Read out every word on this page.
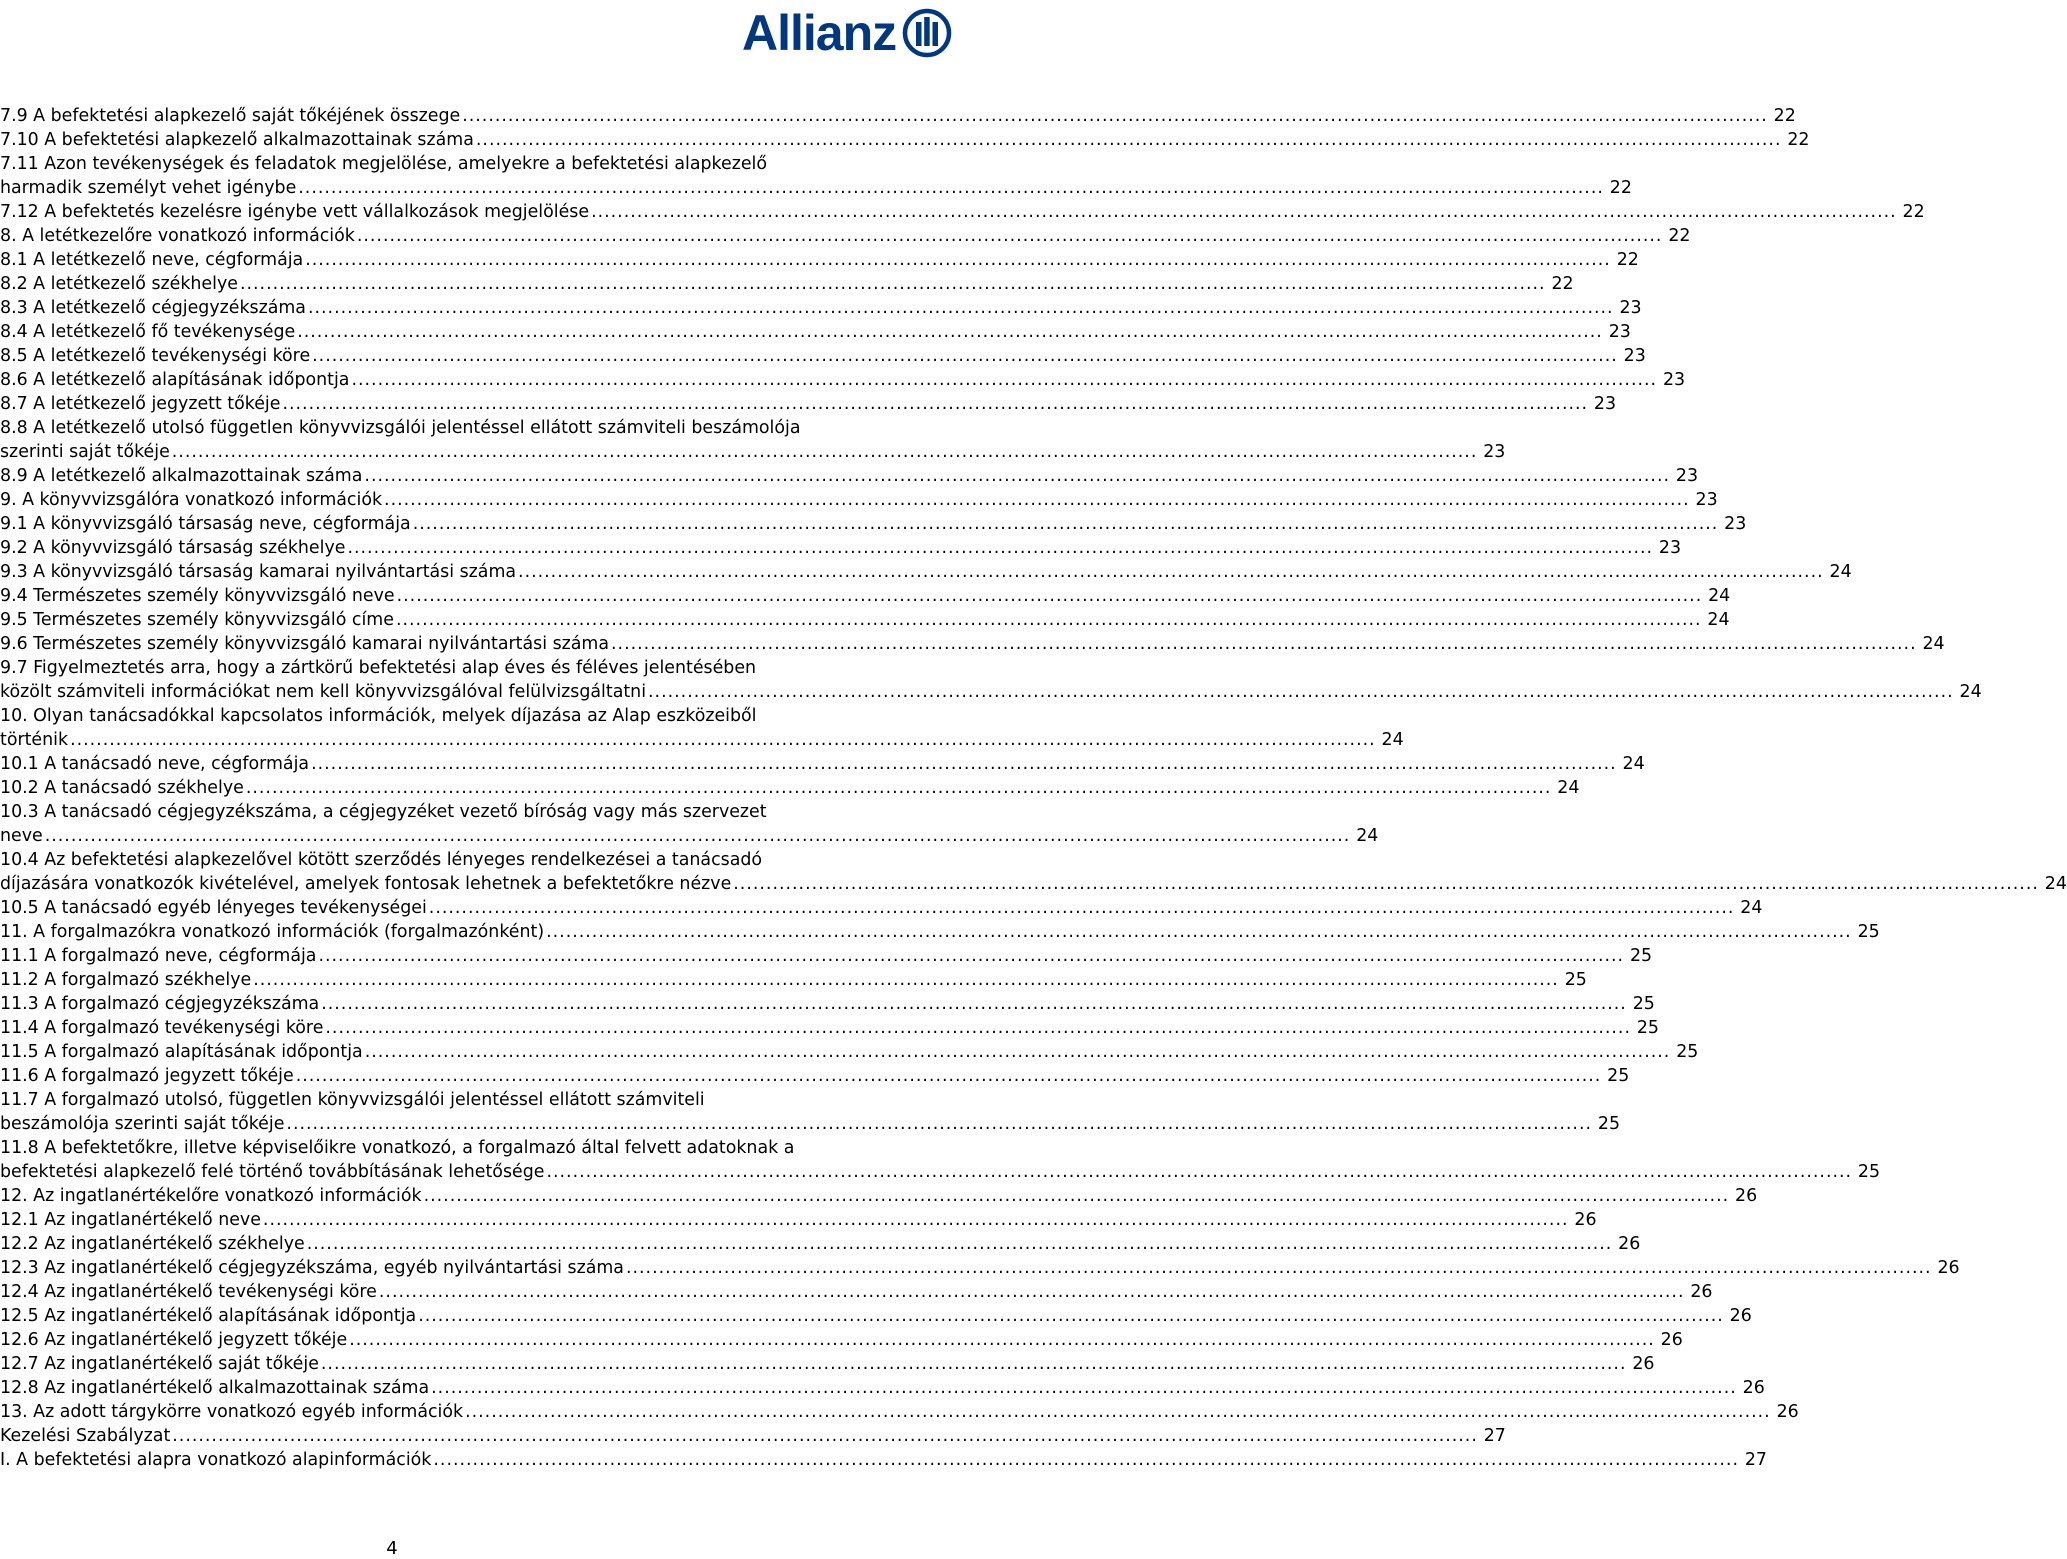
Allianz
7.9 A befektetési alapkezelő saját tőkéjének összege .....	22
7.10 A befektetési alapkezelő alkalmazottainak száma .....	22
7.11 Azon tevékenységek és feladatok megjelölése, amelyekre a befektetési alapkezelő
harmadik személyt vehet igénybe .....	22
7.12 A befektetés kezelésre igénybe vett vállalkozások megjelölése .....	22
8. A letétkezelőre vonatkozó információk .....	22
8.1 A letétkezelő neve, cégformája .....	22
8.2 A letétkezelő székhelye .....	22
8.3 A letétkezelő cégjegyzékszáma .....	23
8.4 A letétkezelő fő tevékenysége .....	23
8.5 A letétkezelő tevékenységi köre .....	23
8.6 A letétkezelő alapításának időpontja .....	23
8.7 A letétkezelő jegyzett tőkéje .....	23
8.8 A letétkezelő utolsó független könyvvizsgálói jelentéssel ellátott számviteli beszámolója
szerinti saját tőkéje .....	23
8.9 A letétkezelő alkalmazottainak száma .....	23
9. A könyvvizsgálóra vonatkozó információk .....	23
9.1 A könyvvizsgáló társaság neve, cégformája .....	23
9.2 A könyvvizsgáló társaság székhelye .....	23
9.3 A könyvvizsgáló társaság kamarai nyilvántartási száma .....	24
9.4 Természetes személy könyvvizsgáló neve .....	24
9.5 Természetes személy könyvvizsgáló címe .....	24
9.6 Természetes személy könyvvizsgáló kamarai nyilvántartási száma .....	24
9.7 Figyelmeztetés arra, hogy a zártkörű befektetési alap éves és féléves jelentésében
közölt számviteli információkat nem kell könyvvizsgálóval felülvizsgáltatni .....	24
10. Olyan tanácsadókkal kapcsolatos információk, melyek díjazása az Alap eszközeiből
történik .....	24
10.1 A tanácsadó neve, cégformája .....	24
10.2 A tanácsadó székhelye .....	24
10.3 A tanácsadó cégjegyzékszáma, a cégjegyzéket vezető bíróság vagy más szervezet
neve .....	24
10.4 Az befektetési alapkezelővel kötött szerződés lényeges rendelkezései a tanácsadó
díjazására vonatkozók kivételével, amelyek fontosak lehetnek a befektetőkre nézve .....	24
10.5 A tanácsadó egyéb lényeges tevékenységei .....	24
11. A forgalmazókra vonatkozó információk (forgalmazónként) .....	25
11.1 A forgalmazó neve, cégformája .....	25
11.2 A forgalmazó székhelye .....	25
11.3 A forgalmazó cégjegyzékszáma .....	25
11.4 A forgalmazó tevékenységi köre .....	25
11.5 A forgalmazó alapításának időpontja .....	25
11.6 A forgalmazó jegyzett tőkéje .....	25
11.7 A forgalmazó utolsó, független könyvvizsgálói jelentéssel ellátott számviteli
beszámolója szerinti saját tőkéje .....	25
11.8 A befektetőkre, illetve képviselőikre vonatkozó, a forgalmazó által felvett adatoknak a
befektetési alapkezelő felé történő továbbításának lehetősége .....	25
12. Az ingatlanértékelőre vonatkozó információk .....	26
12.1 Az ingatlanértékelő neve .....	26
12.2 Az ingatlanértékelő székhelye .....	26
12.3 Az ingatlanértékelő cégjegyzékszáma, egyéb nyilvántartási száma .....	26
12.4 Az ingatlanértékelő tevékenységi köre .....	26
12.5 Az ingatlanértékelő alapításának időpontja .....	26
12.6 Az ingatlanértékelő jegyzett tőkéje .....	26
12.7 Az ingatlanértékelő saját tőkéje .....	26
12.8 Az ingatlanértékelő alkalmazottainak száma .....	26
13. Az adott tárgykörre vonatkozó egyéb információk .....	26
Kezelési Szabályzat .....	27
I. A befektetési alapra vonatkozó alapinformációk .....	27
4
